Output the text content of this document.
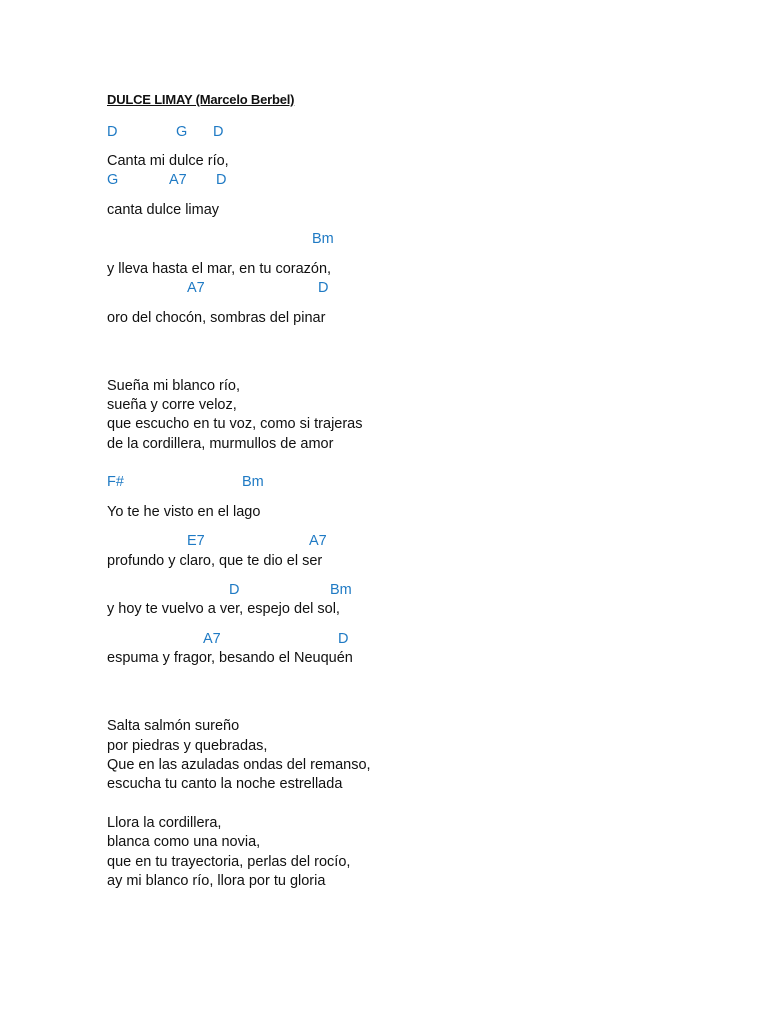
DULCE LIMAY (Marcelo Berbel)
D	G D
Canta mi dulce río,
G	A7 D
canta dulce limay
Bm
y lleva hasta el mar, en tu corazón,
A7	D
oro del chocón, sombras del pinar
Sueña mi blanco río,
sueña y corre veloz,
que escucho en tu voz, como si trajeras
de la cordillera, murmullos de amor
F#	Bm
Yo te he visto en el lago
E7	A7
profundo y claro, que te dio el ser
D	Bm
y hoy te vuelvo a ver, espejo del sol,
A7	D
espuma y fragor, besando el Neuquén
Salta salmón sureño
por piedras y quebradas,
Que en las azuladas ondas del remanso,
escucha tu canto la noche estrellada
Llora la cordillera,
blanca como una novia,
que en tu trayectoria, perlas del rocío,
ay mi blanco río, llora por tu gloria
